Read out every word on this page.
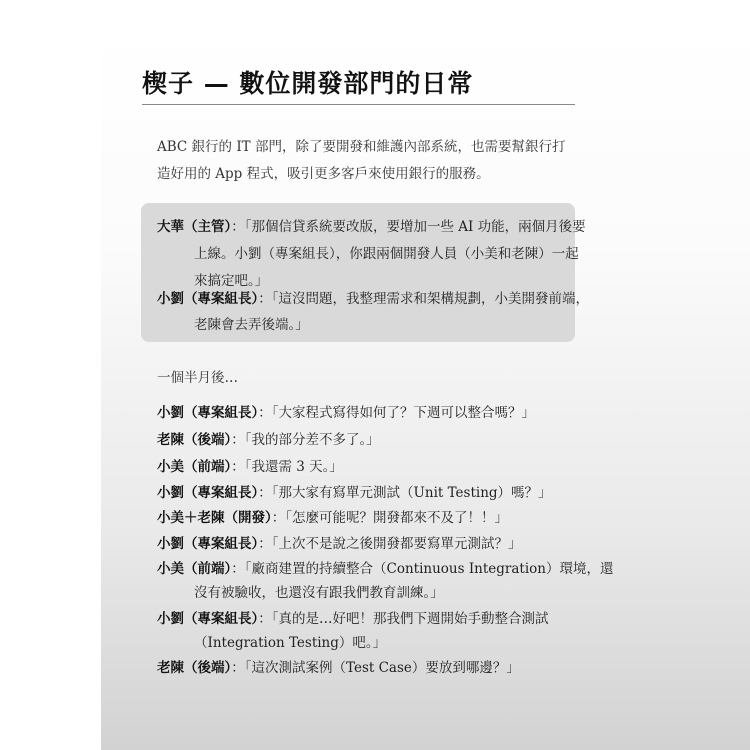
楔子 — 數位開發部門的日常
ABC 銀行的 IT 部門，除了要開發和維護內部系統，也需要幫銀行打造好用的 App 程式，吸引更多客戶來使用銀行的服務。
大華（主管）：「那個信貸系統要改版，要增加一些 AI 功能，兩個月後要
上線。小劉（專案組長），你跟兩個開發人員（小美和老陳）一起
來搞定吧。」
小劉（專案組長）：「這沒問題，我整理需求和架構規劃，小美開發前端，
老陳會去弄後端。」
一個半月後…
小劉（專案組長）：「大家程式寫得如何了？下週可以整合嗎？」
老陳（後端）：「我的部分差不多了。」
小美（前端）：「我還需 3 天。」
小劉（專案組長）：「那大家有寫單元測試（Unit Testing）嗎？」
小美＋老陳（開發）：「怎麼可能呢？開發都來不及了！！」
小劉（專案組長）：「上次不是說之後開發都要寫單元測試？」
小美（前端）：「廠商建置的持續整合（Continuous Integration）環境，還
沒有被驗收，也還沒有跟我們教育訓練。」
小劉（專案組長）：「真的是…好吧！那我們下週開始手動整合測試
（Integration Testing）吧。」
老陳（後端）：「這次測試案例（Test Case）要放到哪邊？」
